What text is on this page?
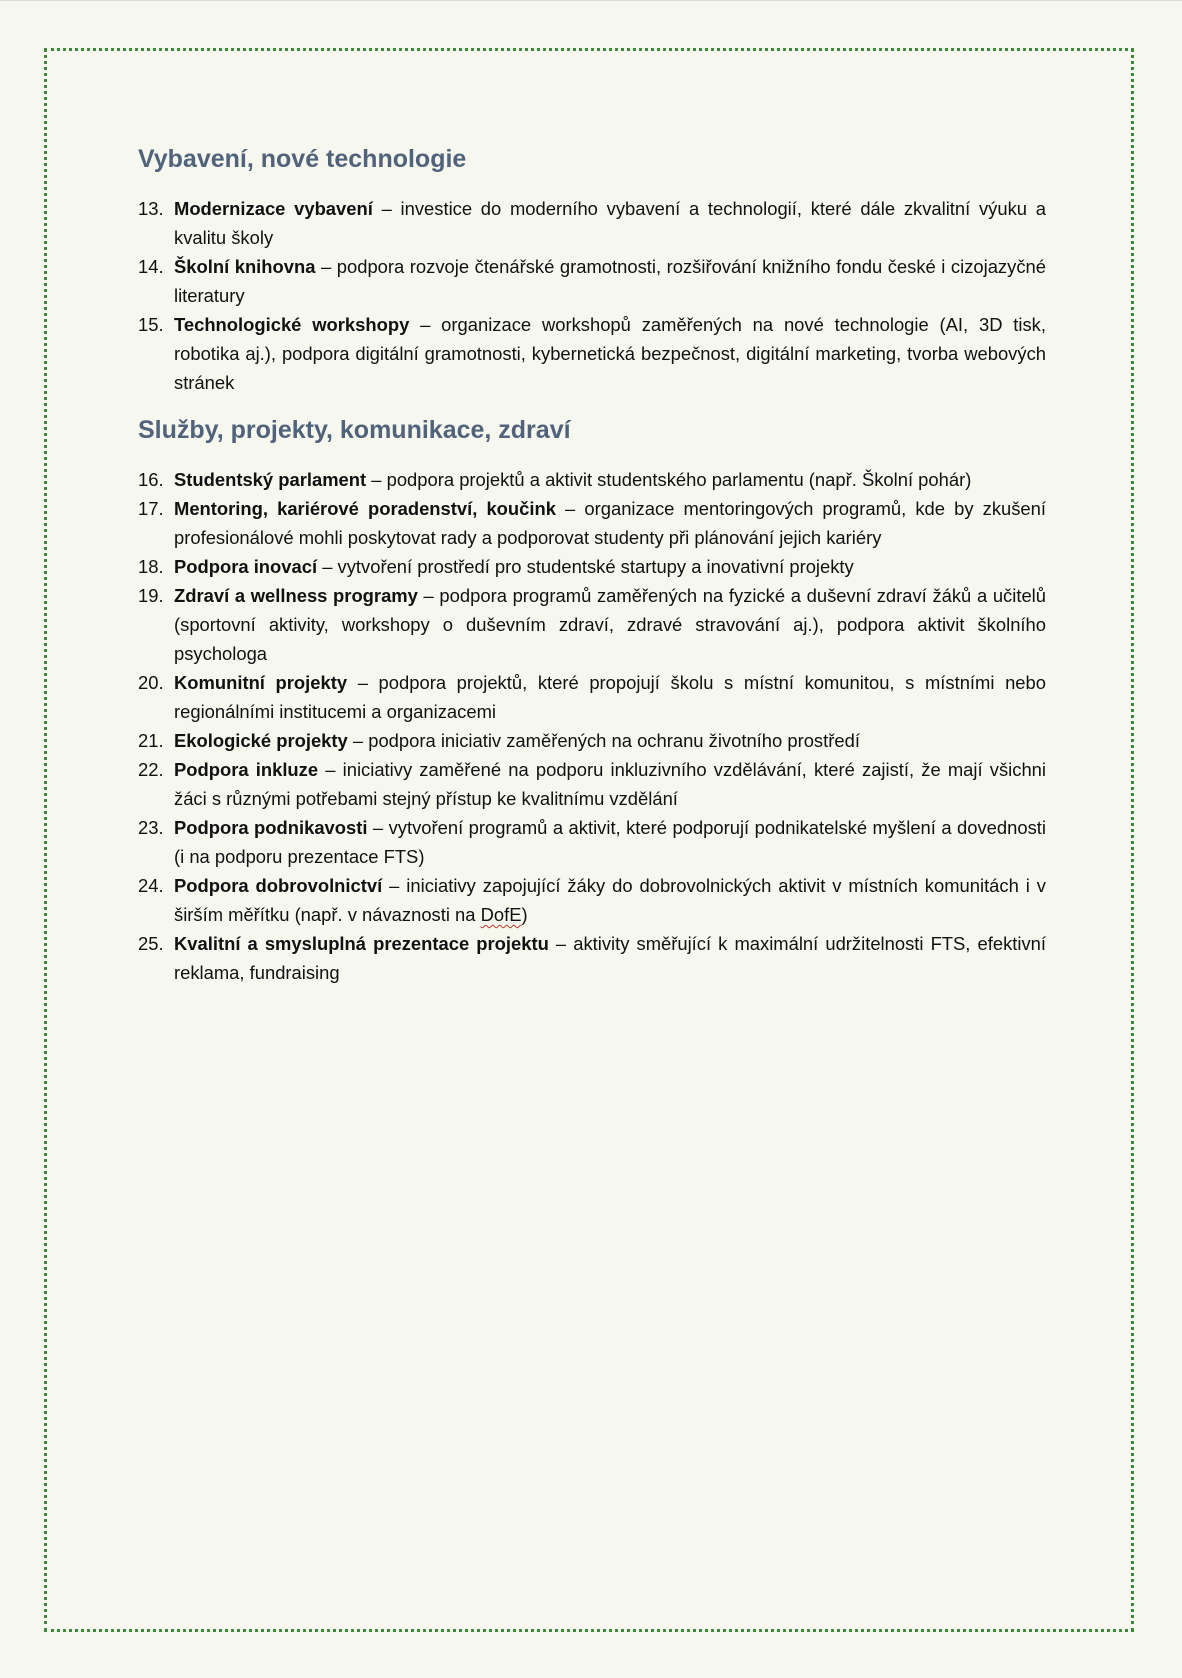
Vybavení, nové technologie
13. Modernizace vybavení – investice do moderního vybavení a technologií, které dále zkvalitní výuku a kvalitu školy
14. Školní knihovna – podpora rozvoje čtenářské gramotnosti, rozšiřování knižního fondu české i cizojazyčné literatury
15. Technologické workshopy – organizace workshopů zaměřených na nové technologie (AI, 3D tisk, robotika aj.), podpora digitální gramotnosti, kybernetická bezpečnost, digitální marketing, tvorba webových stránek
Služby, projekty, komunikace, zdraví
16. Studentský parlament – podpora projektů a aktivit studentského parlamentu (např. Školní pohár)
17. Mentoring, kariérové poradenství, koučink – organizace mentoringových programů, kde by zkušení profesionálové mohli poskytovat rady a podporovat studenty při plánování jejich kariéry
18. Podpora inovací – vytvoření prostředí pro studentské startupy a inovativní projekty
19. Zdraví a wellness programy – podpora programů zaměřených na fyzické a duševní zdraví žáků a učitelů (sportovní aktivity, workshopy o duševním zdraví, zdravé stravování aj.), podpora aktivit školního psychologa
20. Komunitní projekty – podpora projektů, které propojují školu s místní komunitou, s místními nebo regionálními institucemi a organizacemi
21. Ekologické projekty – podpora iniciativ zaměřených na ochranu životního prostředí
22. Podpora inkluze – iniciativy zaměřené na podporu inkluzivního vzdělávání, které zajistí, že mají všichni žáci s různými potřebami stejný přístup ke kvalitnímu vzdělání
23. Podpora podnikavosti – vytvoření programů a aktivit, které podporují podnikatelské myšlení a dovednosti (i na podporu prezentace FTS)
24. Podpora dobrovolnictví – iniciativy zapojující žáky do dobrovolnických aktivit v místních komunitách i v širším měřítku (např. v návaznosti na DofE)
25. Kvalitní a smysluplná prezentace projektu – aktivity směřující k maximální udržitelnosti FTS, efektivní reklama, fundraising
